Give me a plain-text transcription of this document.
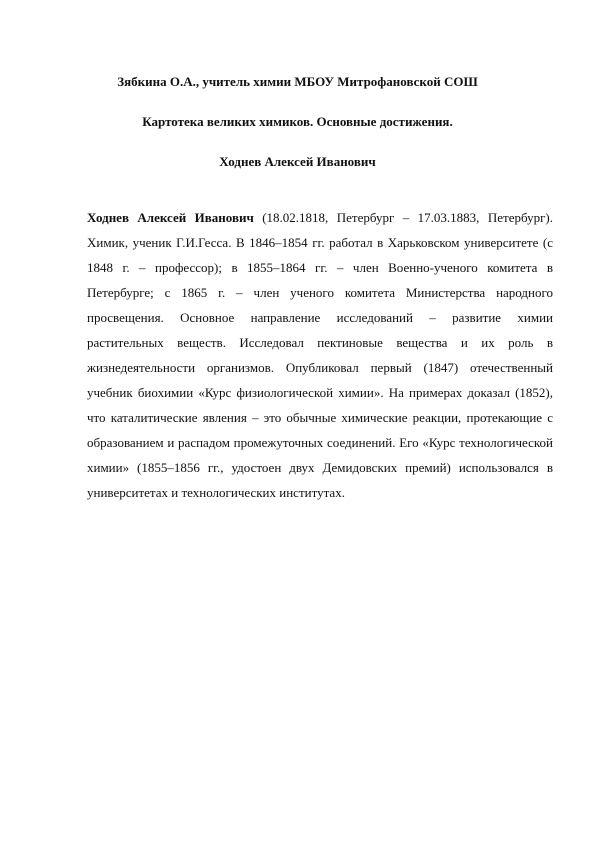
Зябкина О.А., учитель химии МБОУ Митрофановской СОШ
Картотека великих химиков. Основные достижения.
Ходнев Алексей Иванович

Ходнев Алексей Иванович (18.02.1818, Петербург – 17.03.1883, Петербург). Химик, ученик Г.И.Гесса. В 1846–1854 гг. работал в Харьковском университете (с 1848 г. – профессор); в 1855–1864 гг. – член Военно-ученого комитета в Петербурге; с 1865 г. – член ученого комитета Министерства народного просвещения. Основное направление исследований – развитие химии растительных веществ. Исследовал пектиновые вещества и их роль в жизнедеятельности организмов. Опубликовал первый (1847) отечественный учебник биохимии «Курс физиологической химии». На примерах доказал (1852), что каталитические явления – это обычные химические реакции, протекающие с образованием и распадом промежуточных соединений. Его «Курс технологической химии» (1855–1856 гг., удостоен двух Демидовских премий) использовался в университетах и технологических институтах.
